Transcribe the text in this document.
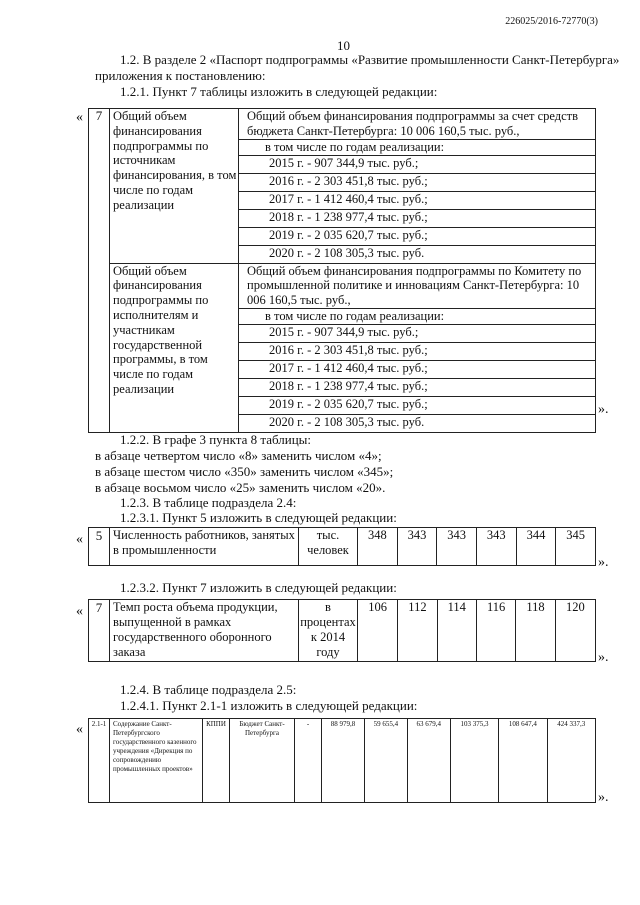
226025/2016-72770(3)
10
1.2. В разделе 2 «Паспорт подпрограммы «Развитие промышленности Санкт-Петербурга»
приложения к постановлению:
1.2.1. Пункт 7 таблицы изложить в следующей редакции:
« 7	Общий объем финансирования подпрограммы по источникам финансирования, в том числе по годам реализации	Общий объем финансирования подпрограммы за счет средств бюджета Санкт-Петербурга: 10 006 160,5 тыс. руб.,
		в том числе по годам реализации:
		2015 г. - 907 344,9 тыс. руб.;
		2016 г. - 2 303 451,8 тыс. руб.;
		2017 г. - 1 412 460,4 тыс. руб.;
		2018 г. - 1 238 977,4 тыс. руб.;
		2019 г. - 2 035 620,7 тыс. руб.;
		2020 г. - 2 108 305,3 тыс. руб.
	Общий объем финансирования подпрограммы по исполнителям и участникам государственной программы, в том числе по годам реализации	Общий объем финансирования подпрограммы по Комитету по промышленной политике и инновациям Санкт-Петербурга: 10 006 160,5 тыс. руб.,
		в том числе по годам реализации:
		2015 г. - 907 344,9 тыс. руб.;
		2016 г. - 2 303 451,8 тыс. руб.;
		2017 г. - 1 412 460,4 тыс. руб.;
		2018 г. - 1 238 977,4 тыс. руб.;
		2019 г. - 2 035 620,7 тыс. руб.;
		2020 г. - 2 108 305,3 тыс. руб.
».
1.2.2. В графе 3 пункта 8 таблицы:
в абзаце четвертом число «8» заменить числом «4»;
в абзаце шестом число «350» заменить числом «345»;
в абзаце восьмом число «25» заменить числом «20».
1.2.3. В таблице подраздела 2.4:
1.2.3.1. Пункт 5 изложить в следующей редакции:
« 5	Численность работников, занятых в промышленности	тыс. человек	348	343	343	343	344	345
».
1.2.3.2. Пункт 7 изложить в следующей редакции:
« 7	Темп роста объема продукции, выпущенной в рамках государственного оборонного заказа	в процентах к 2014 году	106	112	114	116	118	120
».
1.2.4. В таблице подраздела 2.5:
1.2.4.1. Пункт 2.1-1 изложить в следующей редакции:
« 2.1-1	Содержание Санкт-Петербургского государственного казенного учреждения «Дирекция по сопровождению промышленных проектов»	КППИ	Бюджет Санкт-Петербурга	-	88 979,8	59 655,4	63 679,4	103 375,3	108 647,4	424 337,3
».
